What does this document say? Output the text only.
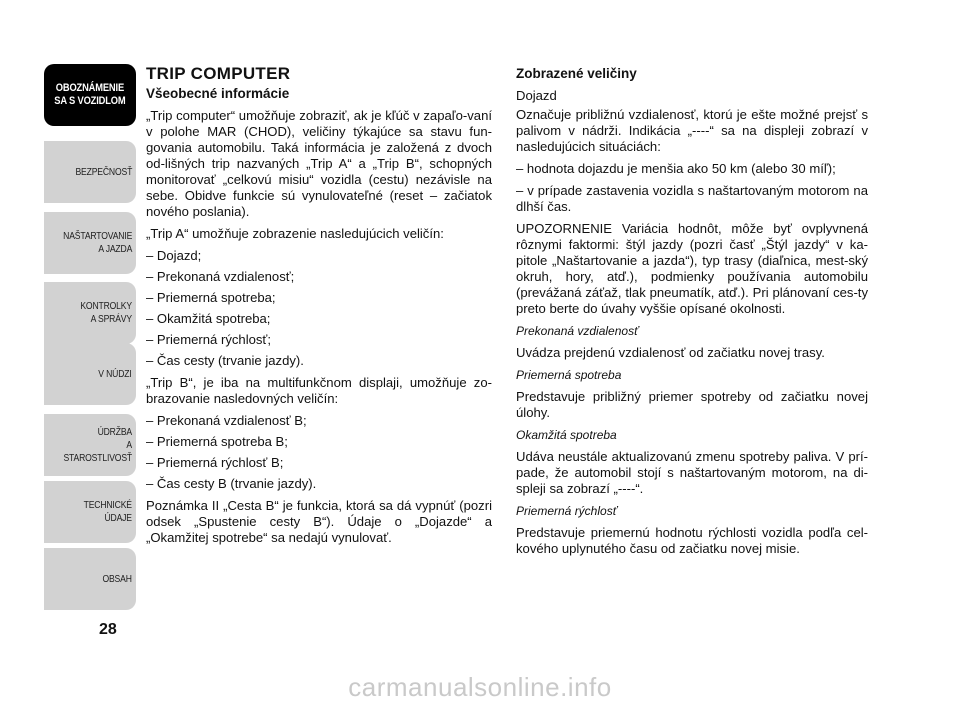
OBOZNÁMENIE
SA S VOZIDLOM
BEZPEČNOSŤ
NAŠTARTOVANIE
A JAZDA
KONTROLKY
A SPRÁVY
V NÚDZI
ÚDRŽBA
A STAROSTLIVOSŤ
TECHNICKÉ
ÚDAJE
OBSAH
28
TRIP COMPUTER
Všeobecné informácie

„Trip computer“ umožňuje zobraziť, ak je kľúč v zapaľo-vaní v polohe MAR (CHOD), veličiny týkajúce sa stavu fun-govania automobilu. Taká informácia je založená z dvoch od-lišných trip nazvaných „Trip A“ a „Trip B“, schopných monitorovať „celkovú misiu“ vozidla (cestu) nezávisle na sebe. Obidve funkcie sú vynulovateľné (reset – začiatok nového poslania).

„Trip A“ umožňuje zobrazenie nasledujúcich veličín:

– Dojazd;
– Prekonaná vzdialenosť;
– Priemerná spotreba;
– Okamžitá spotreba;
– Priemerná rýchlosť;
– Čas cesty (trvanie jazdy).

„Trip B“, je iba na multifunkčnom displaji, umožňuje zo-brazovanie nasledovných veličín:

– Prekonaná vzdialenosť B;
– Priemerná spotreba B;
– Priemerná rýchlosť B;
– Čas cesty B (trvanie jazdy).

Poznámka II „Cesta B“ je funkcia, ktorá sa dá vypnúť (pozri odsek „Spustenie cesty B“). Údaje o „Dojazde“ a „Okamžitej spotrebe“ sa nedajú vynulovať.

Zobrazené veličiny

Dojazd

Označuje približnú vzdialenosť, ktorú je ešte možné prejsť s palivom v nádrži. Indikácia „----“ sa na displeji zobrazí v nasledujúcich situáciách:

– hodnota dojazdu je menšia ako 50 km (alebo 30 míľ);

– v prípade zastavenia vozidla s naštartovaným motorom na dlhší čas.

UPOZORNENIE Variácia hodnôt, môže byť ovplyvnená rôznymi faktormi: štýl jazdy (pozri časť „Štýl jazdy“ v ka-pitole „Naštartovanie a jazda“), typ trasy (diaľnica, mest-ský okruh, hory, atď.), podmienky používania automobilu (prevážaná záťaž, tlak pneumatík, atď.). Pri plánovaní ces-ty preto berte do úvahy vyššie opísané okolnosti.

Prekonaná vzdialenosť

Uvádza prejdenú vzdialenosť od začiatku novej trasy.

Priemerná spotreba

Predstavuje približný priemer spotreby od začiatku novej úlohy.

Okamžitá spotreba

Udáva neustále aktualizovanú zmenu spotreby paliva. V prí-pade, že automobil stojí s naštartovaným motorom, na di-spleji sa zobrazí „----“.

Priemerná rýchlosť

Predstavuje priemernú hodnotu rýchlosti vozidla podľa cel-kového uplynutého času od začiatku novej misie.

carmanualsonline.info
